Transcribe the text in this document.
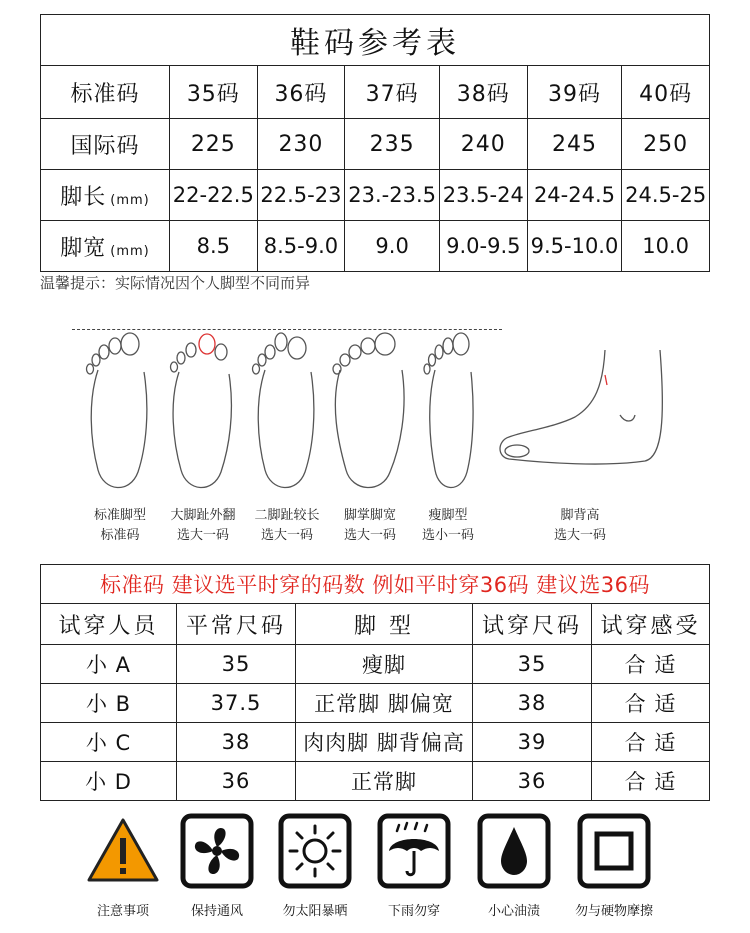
鞋码参考表						
标准码	35码	36码	37码	38码	39码	40码
国际码	225	230	235	240	245	250
脚长 (mm)	22-22.5	22.5-23	23.-23.5	23.5-24	24-24.5	24.5-25
脚宽 (mm)	8.5	8.5-9.0	9.0	9.0-9.5	9.5-10.0	10.0
温馨提示：实际情况因个人脚型不同而异
标准脚型
标准码
大脚趾外翻
选大一码
二脚趾较长
选大一码
脚掌脚宽
选大一码
瘦脚型
选小一码
脚背高
选大一码
标准码 建议选平时穿的码数 例如平时穿36码 建议选36码				
试穿人员	平常尺码	脚 型	试穿尺码	试穿感受
小 A	35	瘦脚	35	合 适
小 B	37.5	正常脚 脚偏宽	38	合 适
小 C	38	肉肉脚 脚背偏高	39	合 适
小 D	36	正常脚	36	合 适
注意事项	保持通风	勿太阳暴晒	下雨勿穿	小心油渍	勿与硬物摩擦
